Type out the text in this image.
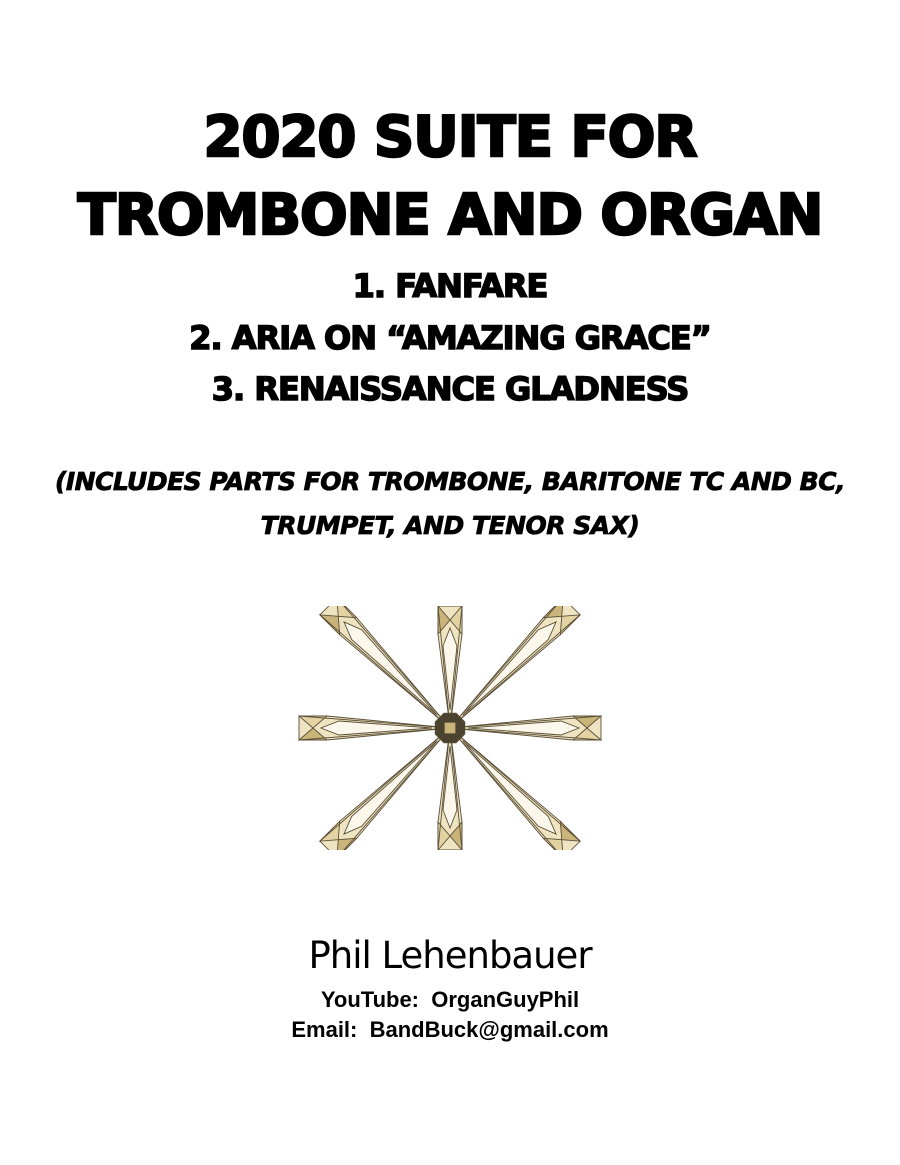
2020 SUITE FOR
TROMBONE AND ORGAN
1. FANFARE
2. ARIA ON “AMAZING GRACE”
3. RENAISSANCE GLADNESS
(INCLUDES PARTS FOR TROMBONE, BARITONE TC AND BC,
TRUMPET, AND TENOR SAX)
Phil Lehenbauer
YouTube:  OrganGuyPhil
Email:  BandBuck@gmail.com
